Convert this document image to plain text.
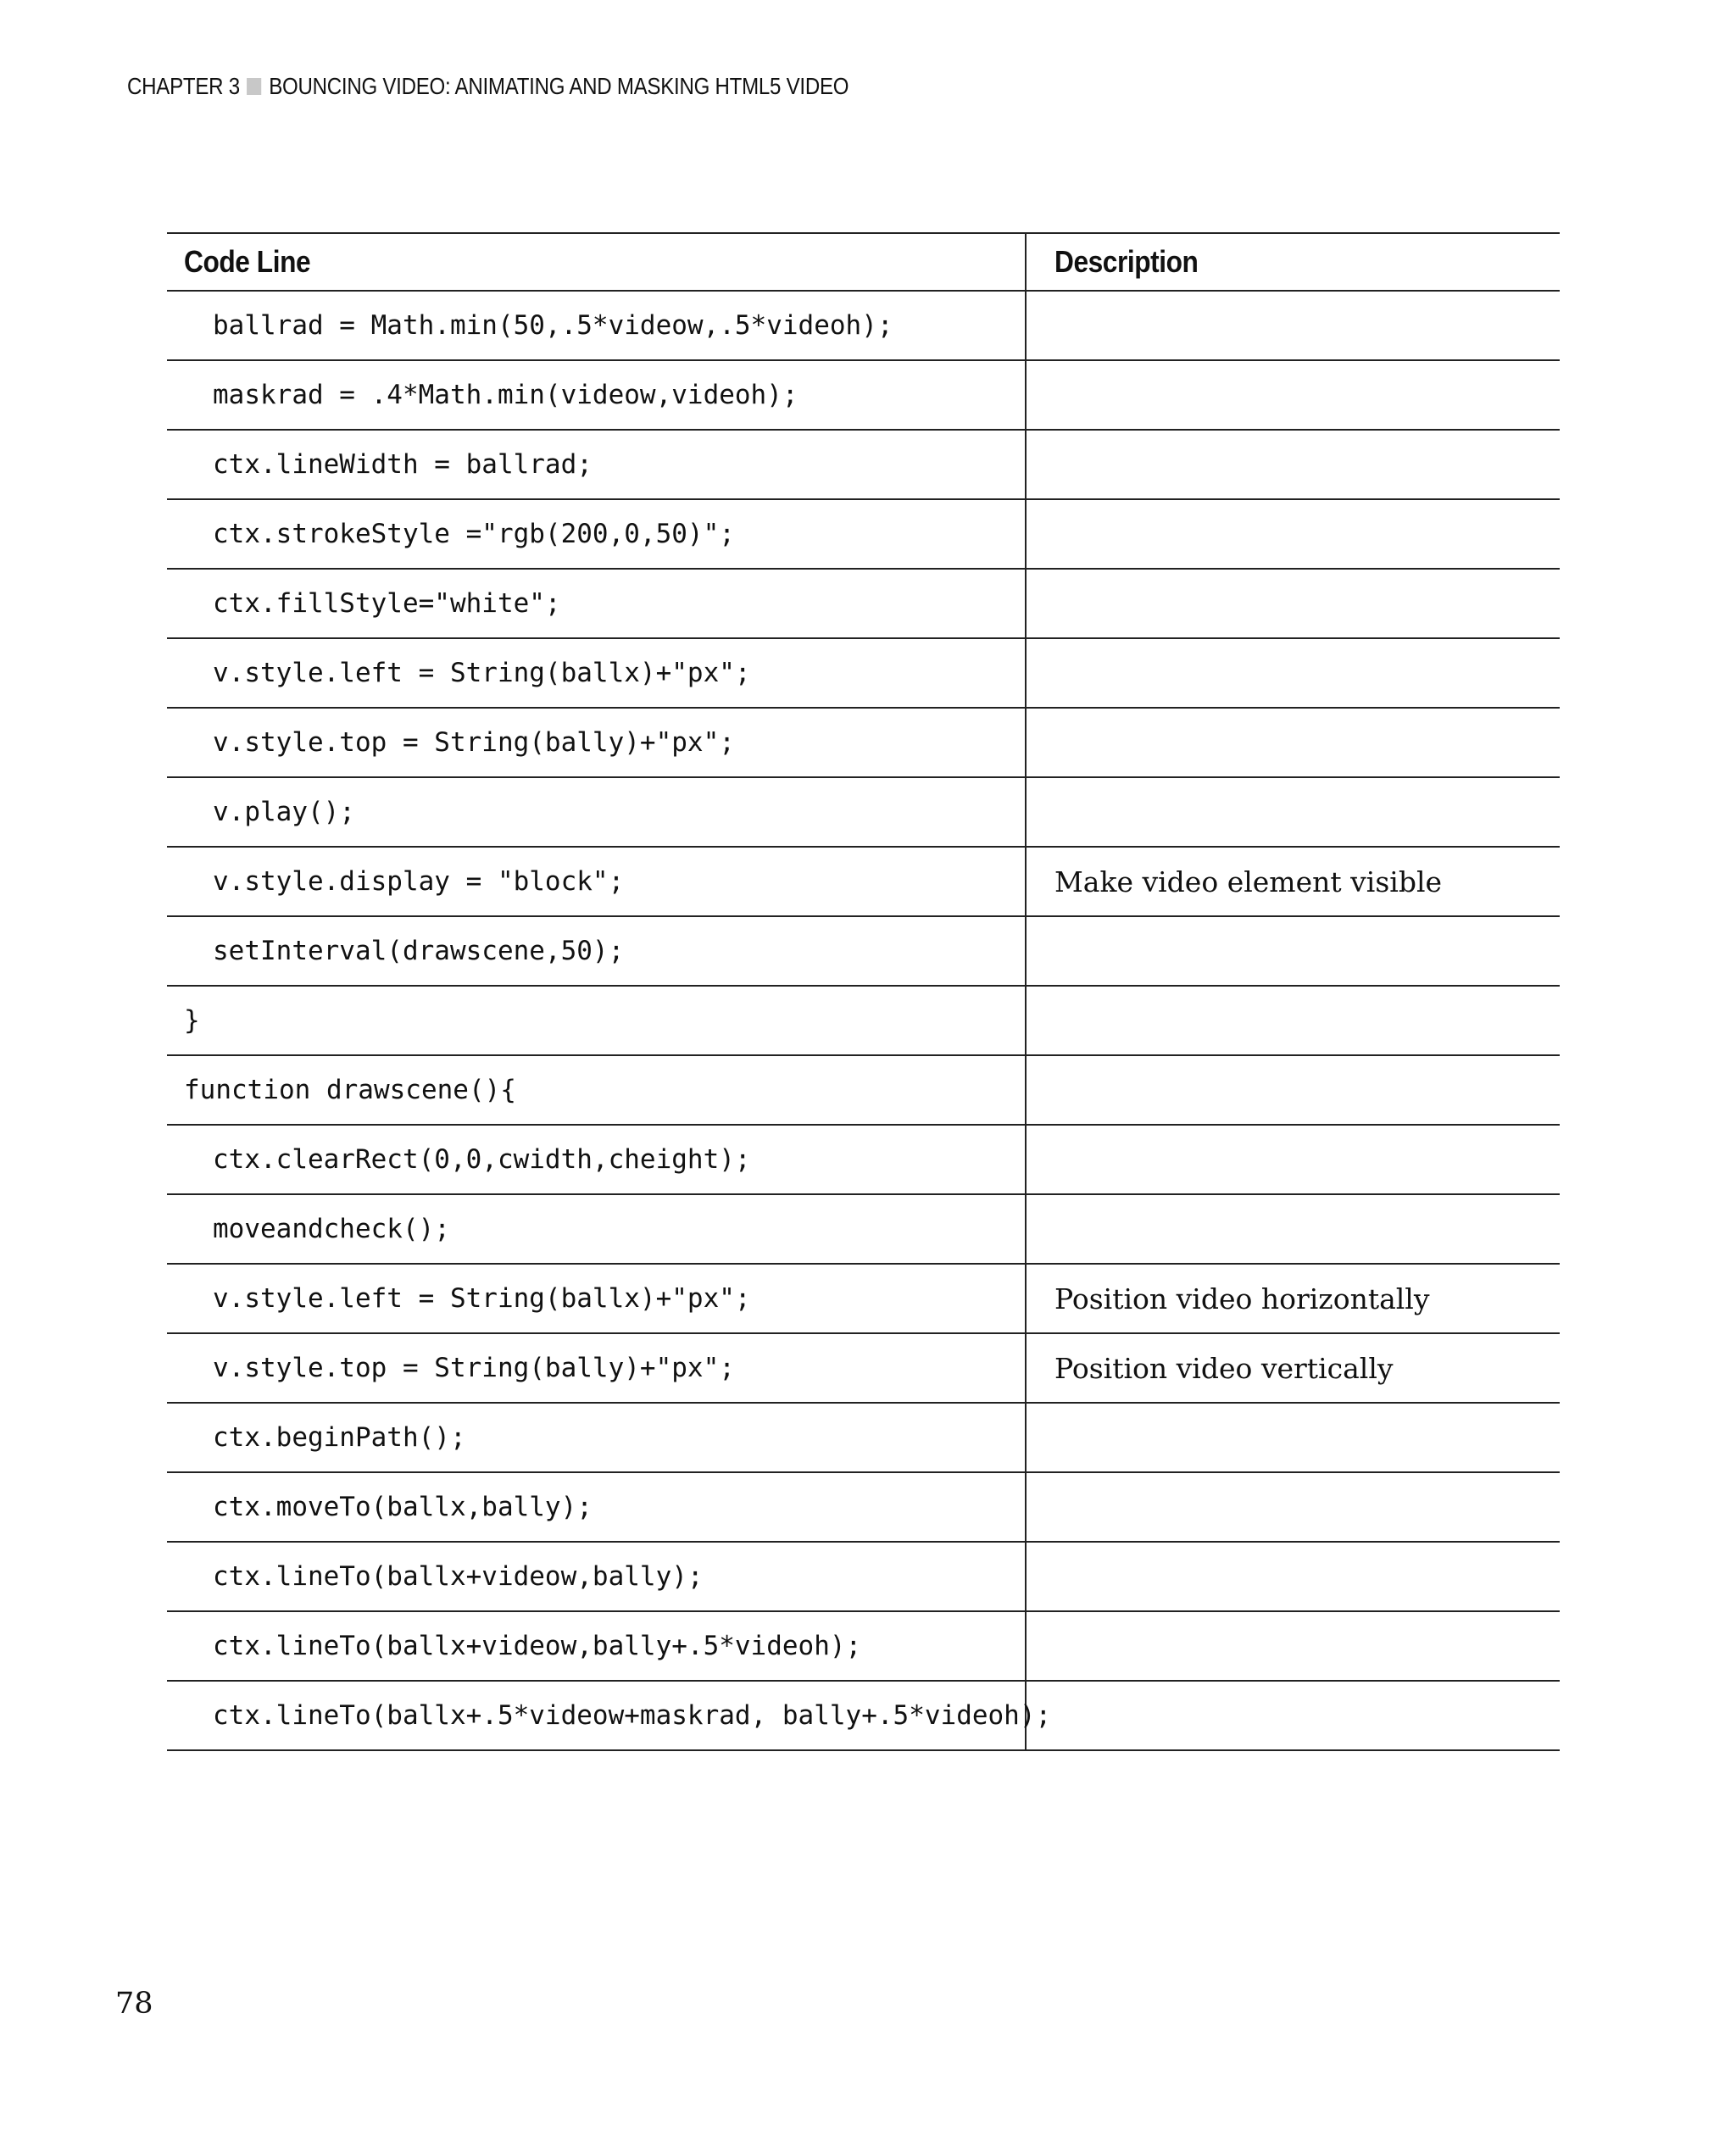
CHAPTER 3 BOUNCING VIDEO: ANIMATING AND MASKING HTML5 VIDEO
Code Line	Description
ballrad = Math.min(50,.5*videow,.5*videoh);	
maskrad = .4*Math.min(videow,videoh);	
ctx.lineWidth = ballrad;	
ctx.strokeStyle ="rgb(200,0,50)";	
ctx.fillStyle="white";	
v.style.left = String(ballx)+"px";	
v.style.top = String(bally)+"px";	
v.play();	
v.style.display = "block";	Make video element visible
setInterval(drawscene,50);	
}	
function drawscene(){	
ctx.clearRect(0,0,cwidth,cheight);	
moveandcheck();	
v.style.left = String(ballx)+"px";	Position video horizontally
v.style.top = String(bally)+"px";	Position video vertically
ctx.beginPath();	
ctx.moveTo(ballx,bally);	
ctx.lineTo(ballx+videow,bally);	
ctx.lineTo(ballx+videow,bally+.5*videoh);	
ctx.lineTo(ballx+.5*videow+maskrad, bally+.5*videoh);	
78
